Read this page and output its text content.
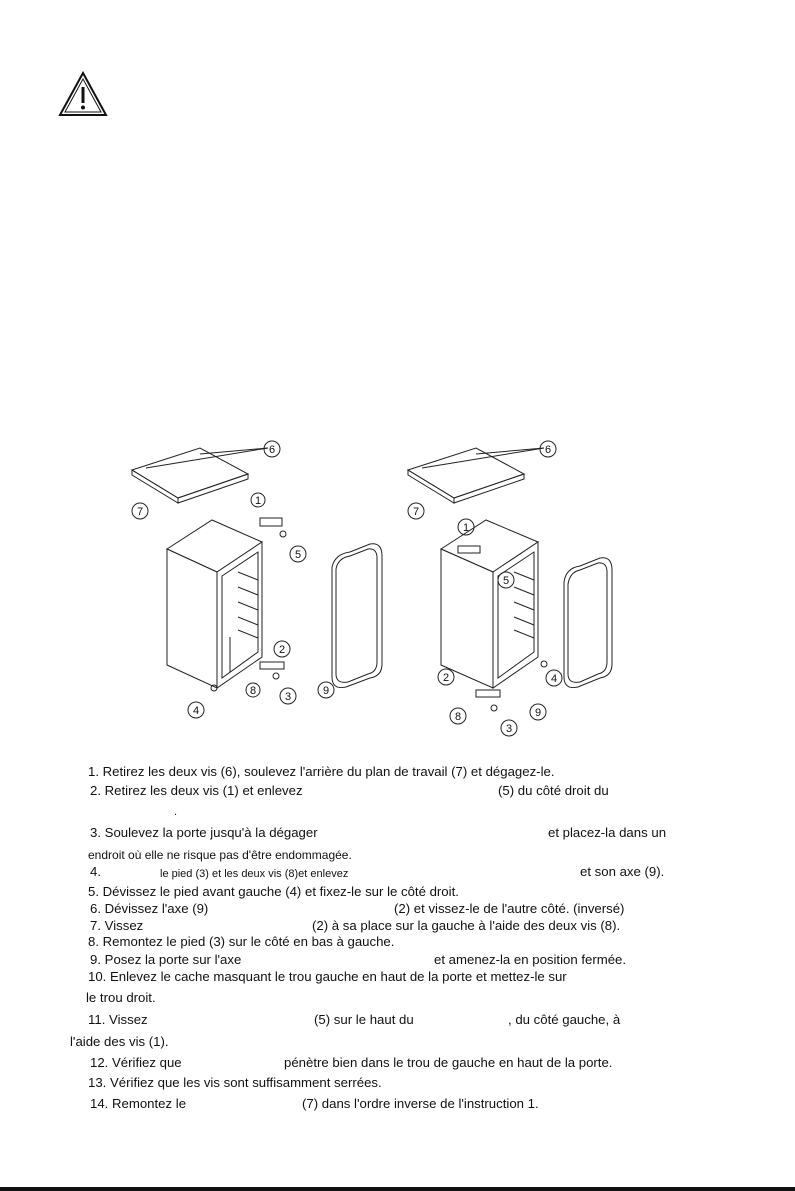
6
7
1
5
2
8	3	9
4
6
7
1
5
4
2
8	9
3
1. Retirez les deux vis (6), soulevez l'arrière du plan de travail (7) et dégagez-le.
2. Retirez les deux vis (1) et enlevez	(5) du côté droit du
.
3. Soulevez la porte jusqu'à la dégager	et placez-la dans un
endroit où elle ne risque pas d'être endommagée.
4.	le pied (3) et les deux vis (8)et enlevez	et son axe (9).
5. Dévissez le pied avant gauche (4) et fixez-le sur le côté droit.
6. Dévissez l'axe (9)	(2) et vissez-le de l'autre côté. (inversé)
7. Vissez	(2) à sa place sur la gauche à l'aide des deux vis (8).
8. Remontez le pied (3) sur le côté en bas à gauche.
9. Posez la porte sur l'axe	et amenez-la en position fermée.
10. Enlevez le cache masquant le trou gauche en haut de la porte et mettez-le sur
le trou droit.
11. Vissez	(5) sur le haut du	, du côté gauche, à
l'aide des vis (1).
12. Vérifiez que	pénètre bien dans le trou de gauche en haut de la porte.
13. Vérifiez que les vis sont suffisamment serrées.
14. Remontez le	(7) dans l'ordre inverse de l'instruction 1.
